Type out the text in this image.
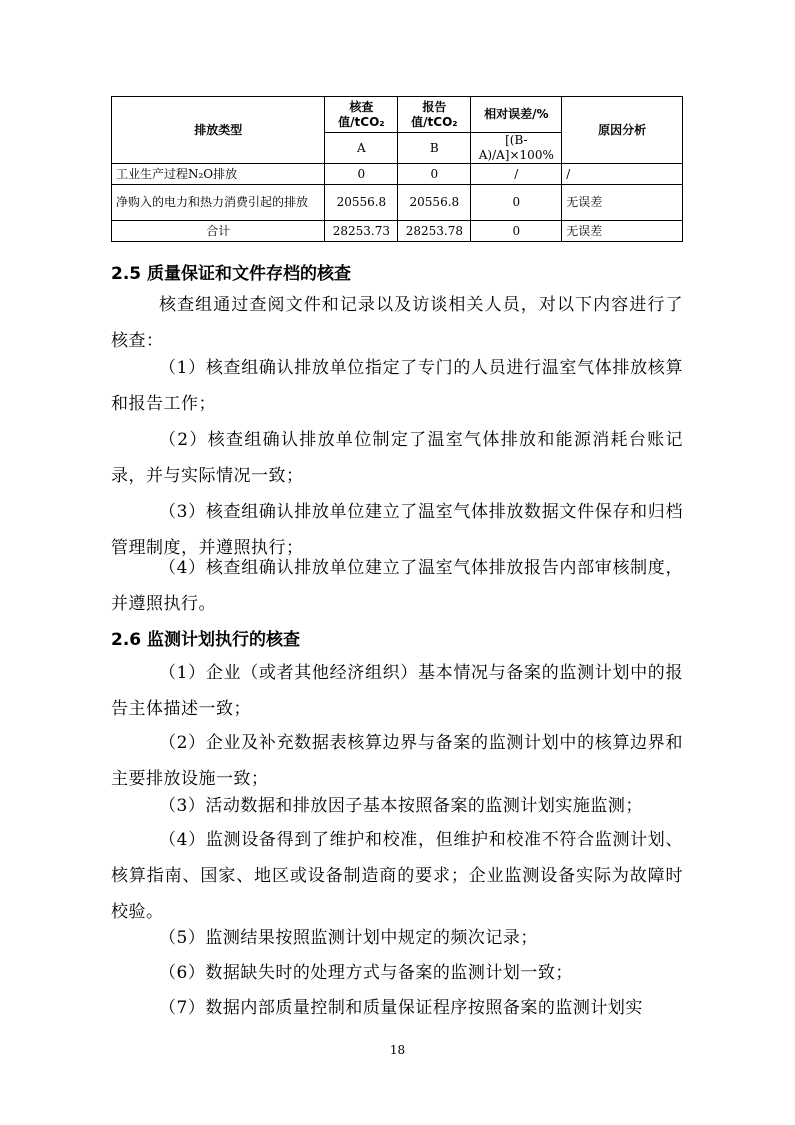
排放类型	核查值/tCO₂	报告值/tCO₂	相对误差/%	原因分析
	A	B	[(B-A)/A]×100%	
工业生产过程N₂O排放	0	0	/	/
净购入的电力和热力消费引起的排放	20556.8	20556.8	0	无误差
合计	28253.73	28253.78	0	无误差
2.5 质量保证和文件存档的核查

核查组通过查阅文件和记录以及访谈相关人员，对以下内容进行了核查：

（1）核查组确认排放单位指定了专门的人员进行温室气体排放核算和报告工作；

（2）核查组确认排放单位制定了温室气体排放和能源消耗台账记录，并与实际情况一致；

（3）核查组确认排放单位建立了温室气体排放数据文件保存和归档管理制度，并遵照执行；

（4）核查组确认排放单位建立了温室气体排放报告内部审核制度，并遵照执行。

2.6 监测计划执行的核查

（1）企业（或者其他经济组织）基本情况与备案的监测计划中的报告主体描述一致；

（2）企业及补充数据表核算边界与备案的监测计划中的核算边界和主要排放设施一致；

（3）活动数据和排放因子基本按照备案的监测计划实施监测；

（4）监测设备得到了维护和校准，但维护和校准不符合监测计划、核算指南、国家、地区或设备制造商的要求；企业监测设备实际为故障时校验。

（5）监测结果按照监测计划中规定的频次记录；

（6）数据缺失时的处理方式与备案的监测计划一致；

（7）数据内部质量控制和质量保证程序按照备案的监测计划实

18
